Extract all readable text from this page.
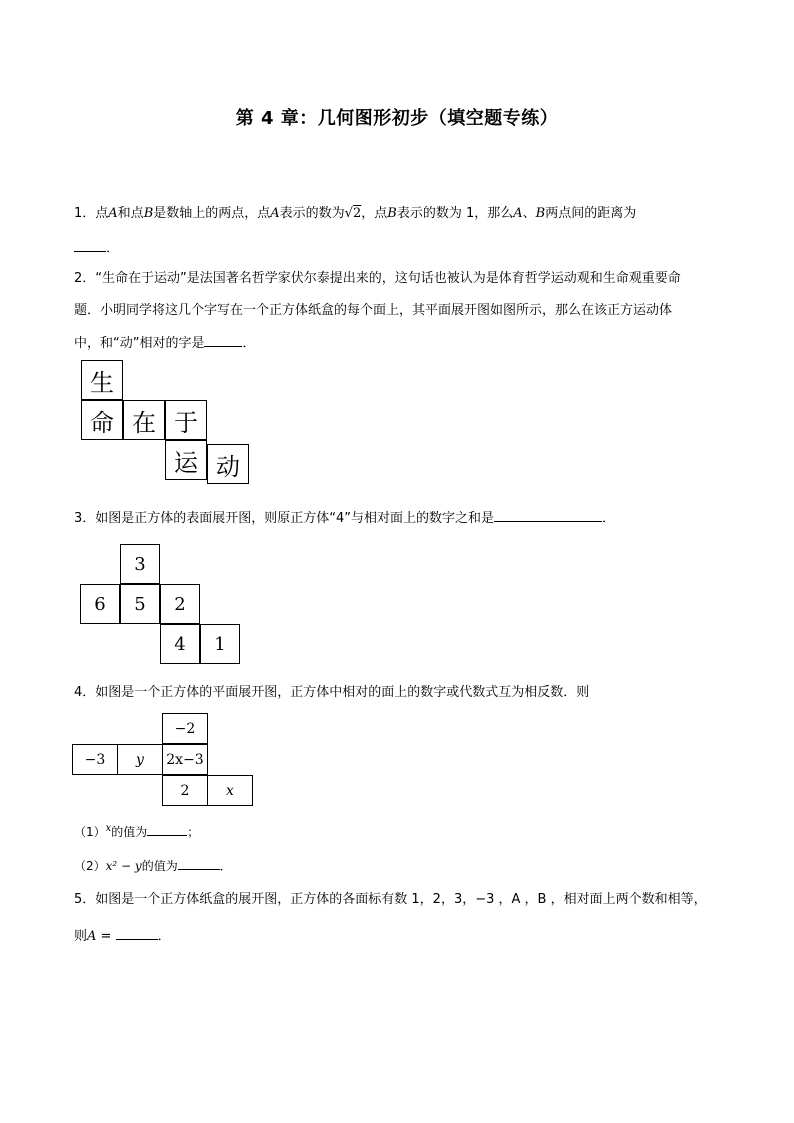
第 4 章：几何图形初步（填空题专练）
1．点A和点B是数轴上的两点，点A表示的数为√2，点B表示的数为 1，那么A、B两点间的距离为
．
2．“生命在于运动”是法国著名哲学家伏尔泰提出来的，这句话也被认为是体育哲学运动观和生命观重要命
题．小明同学将这几个字写在一个正方体纸盒的每个面上，其平面展开图如图所示，那么在该正方运动体
中，和“动”相对的字是	．
生
命 在 于
运 动
3．如图是正方体的表面展开图，则原正方体“4”与相对面上的数字之和是	．
3
6	5	2
4	1
4．如图是一个正方体的平面展开图，正方体中相对的面上的数字或代数式互为相反数．则
−2
−3	y	2x−3
2	x
$(1)^x$的值为	；
（2）x² − y的值为	．
5．如图是一个正方体纸盒的展开图，正方体的各面标有数 1，2，3，−3 ，A ，B ，相对面上两个数和相等，
则A =	．
